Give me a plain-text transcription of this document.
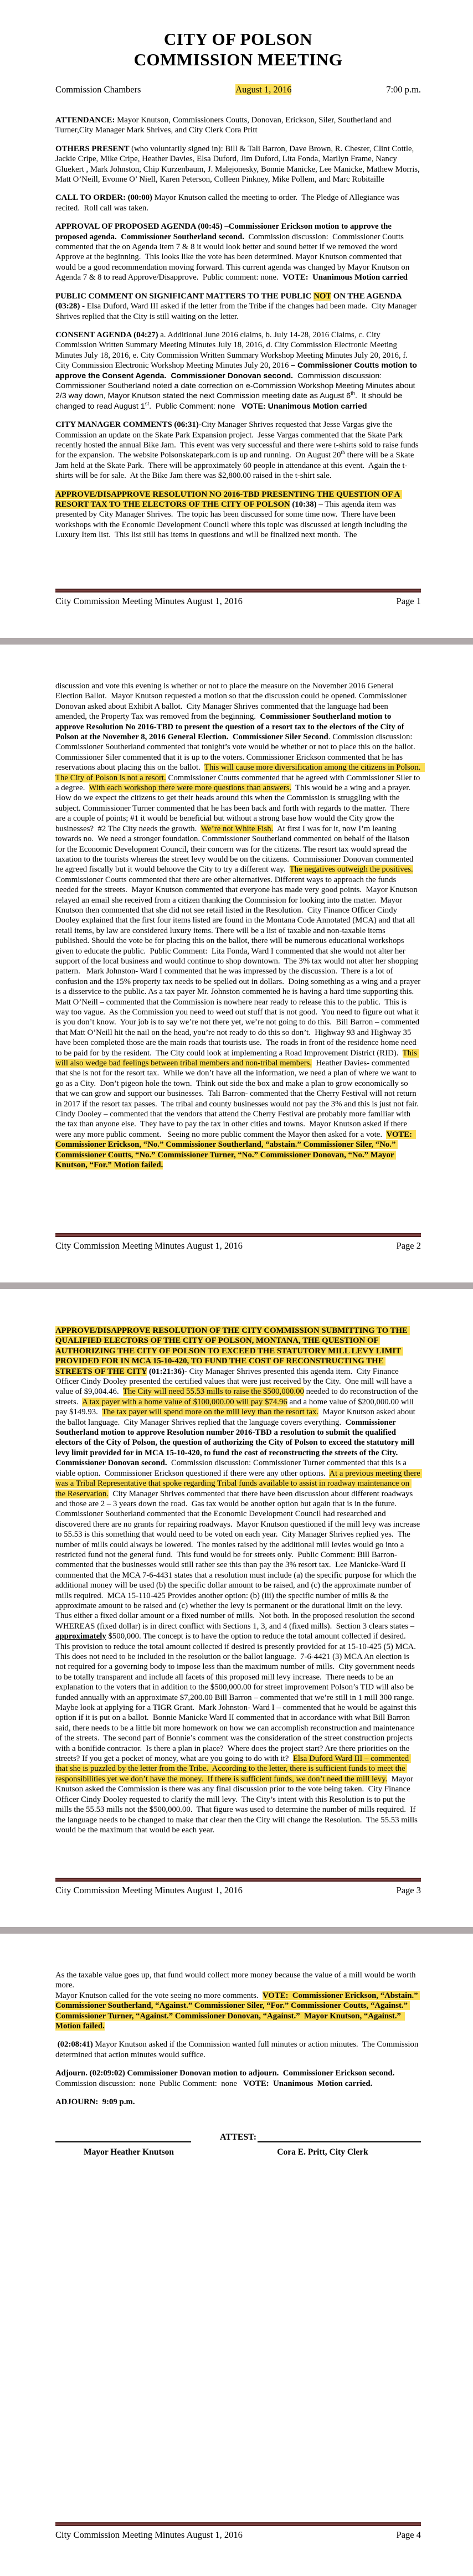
CITY OF POLSON
COMMISSION MEETING
Commission Chambers	August 1, 2016	7:00 p.m.

ATTENDANCE: Mayor Knutson, Commissioners Coutts, Donovan, Erickson, Siler, Southerland and Turner,City Manager Mark Shrives, and City Clerk Cora Pritt

OTHERS PRESENT (who voluntarily signed in): Bill & Tali Barron, Dave Brown, R. Chester, Clint Cottle, Jackie Cripe, Mike Cripe, Heather Davies, Elsa Duford, Jim Duford, Lita Fonda, Marilyn Frame, Nancy Gluekert , Mark Johnston, Chip Kurzenbaum, J. Malejonesky, Bonnie Manicke, Lee Manicke, Mathew Morris, Matt O’Neill, Evonne O’ Niell, Karen Peterson, Colleen Pinkney, Mike Pollem, and Marc Robitaille

CALL TO ORDER: (00:00) Mayor Knutson called the meeting to order.  The Pledge of Allegiance was recited.  Roll call was taken.

APPROVAL OF PROPOSED AGENDA (00:45) –Commissioner Erickson motion to approve the proposed agenda.  Commissioner Southerland second.  Commission discussion:  Commissioner Coutts commented that the on Agenda item 7 & 8 it would look better and sound better if we removed the word Approve at the beginning.  This looks like the vote has been determined. Mayor Knutson commented that would be a good recommendation moving forward. This current agenda was changed by Mayor Knutson on Agenda 7 & 8 to read Approve/Disapprove.  Public comment: none.  VOTE:  Unanimous Motion carried

PUBLIC COMMENT ON SIGNIFICANT MATTERS TO THE PUBLIC NOT ON THE AGENDA (03:28) - Elsa Duford, Ward III asked if the letter from the Tribe if the changes had been made.  City Manager Shrives replied that the City is still waiting on the letter.

CONSENT AGENDA (04:27) a. Additional June 2016 claims, b. July 14-28, 2016 Claims, c. City Commission Written Summary Meeting Minutes July 18, 2016, d. City Commission Electronic Meeting Minutes July 18, 2016, e. City Commission Written Summary Workshop Meeting Minutes July 20, 2016, f. City Commission Electronic Workshop Meeting Minutes July 20, 2016 – Commissioner Coutts motion to approve the Consent Agenda.  Commissioner Donovan second.  Commission discussion:  Commissioner Southerland noted a date correction on e-Commission Workshop Meeting Minutes about 2/3 way down, Mayor Knutson stated the next Commission meeting date as August 6th.  It should be changed to read August 1st.  Public Comment: none   VOTE: Unanimous Motion carried

CITY MANAGER COMMENTS (06:31)-City Manager Shrives requested that Jesse Vargas give the Commission an update on the Skate Park Expansion project.  Jesse Vargas commented that the Skate Park recently hosted the annual Bike Jam.  This event was very successful and there were t-shirts sold to raise funds for the expansion.  The website Polsonskatepark.com is up and running.  On August 20th there will be a Skate Jam held at the Skate Park.  There will be approximately 60 people in attendance at this event.  Again the t-shirts will be for sale.  At the Bike Jam there was $2,800.00 raised in the t-shirt sale.

APPROVE/DISAPPROVE RESOLUTION NO 2016-TBD PRESENTING THE QUESTION OF A RESORT TAX TO THE ELECTORS OF THE CITY OF POLSON (10:38) – This agenda item was presented by City Manager Shrives.  The topic has been discussed for some time now.  There have been workshops with the Economic Development Council where this topic was discussed at length including the Luxury Item list.  This list still has items in questions and will be finalized next month.  The

City Commission Meeting Minutes August 1, 2016	Page 1

discussion and vote this evening is whether or not to place the measure on the November 2016 General Election Ballot.  Mayor Knutson requested a motion so that the discussion could be opened. Commissioner Donovan asked about Exhibit A ballot.  City Manager Shrives commented that the language had been amended, the Property Tax was removed from the beginning.  Commissioner Southerland motion to approve Resolution No 2016-TBD to present the question of a resort tax to the electors of the City of Polson at the November 8, 2016 General Election.  Commissioner Siler Second. Commission discussion:  Commissioner Southerland commented that tonight’s vote would be whether or not to place this on the ballot.  Commissioner Siler commented that it is up to the voters. Commissioner Erickson commented that he has reservations about placing this on the ballot.  This will cause more diversification among the citizens in Polson.  The City of Polson is not a resort. Commissioner Coutts commented that he agreed with Commissioner Siler to a degree.  With each workshop there were more questions than answers.  This would be a wing and a prayer.  How do we expect the citizens to get their heads around this when the Commission is struggling with the subject. Commissioner Turner commented that he has been back and forth with regards to the matter.  There are a couple of points; #1 it would be beneficial but without a strong base how would the City grow the businesses?  #2 The City needs the growth.  We’re not White Fish.  At first I was for it, now I’m leaning towards no.  We need a stronger foundation. Commissioner Southerland commented on behalf of the liaison for the Economic Development Council, their concern was for the citizens. The resort tax would spread the taxation to the tourists whereas the street levy would be on the citizens.  Commissioner Donovan commented he agreed fiscally but it would behoove the City to try a different way.  The negatives outweigh the positives.  Commissioner Coutts commented that there are other alternatives. Different ways to approach the funds needed for the streets.  Mayor Knutson commented that everyone has made very good points.  Mayor Knutson relayed an email she received from a citizen thanking the Commission for looking into the matter.  Mayor Knutson then commented that she did not see retail listed in the Resolution.  City Finance Officer Cindy Dooley explained that the first four items listed are found in the Montana Code Annotated (MCA) and that all retail items, by law are considered luxury items. There will be a list of taxable and non-taxable items published. Should the vote be for placing this on the ballot, there will be numerous educational workshops given to educate the public.  Public Comment:  Lita Fonda, Ward I commented that she would not alter her support of the local business and would continue to shop downtown.  The 3% tax would not alter her shopping pattern.   Mark Johnston- Ward I commented that he was impressed by the discussion.  There is a lot of confusion and the 15% property tax needs to be spelled out in dollars.  Doing something as a wing and a prayer is a disservice to the public. As a tax payer Mr. Johnston commented he is having a hard time supporting this.  Matt O’Neill – commented that the Commission is nowhere near ready to release this to the public.  This is way too vague.  As the Commission you need to weed out stuff that is not good.  You need to figure out what it is you don’t know.  Your job is to say we’re not there yet, we’re not going to do this.  Bill Barron – commented that Matt O’Neill hit the nail on the head, you’re not ready to do this so don’t.  Highway 93 and Highway 35 have been completed those are the main roads that tourists use.  The roads in front of the residence home need to be paid for by the resident.  The City could look at implementing a Road Improvement District (RID).  This will also wedge bad feelings between tribal members and non-tribal members.  Heather Davies- commented that she is not for the resort tax.  While we don’t have all the information, we need a plan of where we want to go as a City.  Don’t pigeon hole the town.  Think out side the box and make a plan to grow economically so that we can grow and support our businesses.  Tali Barron- commented that the Cherry Festival will not return in 2017 if the resort tax passes.  The tribal and county businesses would not pay the 3% and this is just not fair.  Cindy Dooley – commented that the vendors that attend the Cherry Festival are probably more familiar with the tax than anyone else.  They have to pay the tax in other cities and towns.  Mayor Knutson asked if there were any more public comment.   Seeing no more public comment the Mayor then asked for a vote.  VOTE:  Commissioner Erickson, “No.” Commissioner Southerland, “abstain.” Commissioner Siler, “No.” Commissioner Coutts, “No.” Commissioner Turner, “No.” Commissioner Donovan, “No.” Mayor Knutson, “For.” Motion failed.

City Commission Meeting Minutes August 1, 2016	Page 2

APPROVE/DISAPPROVE RESOLUTION OF THE CITY COMMISSION SUBMITTING TO THE QUALIFIED ELECTORS OF THE CITY OF POLSON, MONTANA, THE QUESTION OF AUTHORIZING THE CITY OF POLSON TO EXCEED THE STATUTORY MILL LEVY LIMIT PROVIDED FOR IN MCA 15-10-420, TO FUND THE COST OF RECONSTRUCTING THE STREETS OF THE CITY (01:21:36)- City Manager Shrives presented this agenda item.  City Finance Officer Cindy Dooley presented the certified values that were just received by the City.  One mill will have a value of $9,004.46.  The City will need 55.53 mills to raise the $500,000.00 needed to do reconstruction of the streets.  A tax payer with a home value of $100,000.00 will pay $74.96 and a home value of $200,000.00 will pay $149.93.  The tax payer will spend more on the mill levy than the resort tax.  Mayor Knutson asked about the ballot language.  City Manager Shrives replied that the language covers everything.  Commissioner Southerland motion to approve Resolution number 2016-TBD a resolution to submit the qualified electors of the City of Polson, the question of authorizing the City of Polson to exceed the statutory mill levy limit provided for in MCA 15-10-420, to fund the cost of reconstructing the streets of the City.  Commissioner Donovan second.  Commission discussion: Commissioner Turner commented that this is a viable option.  Commissioner Erickson questioned if there were any other options.  At a previous meeting there was a Tribal Representative that spoke regarding Tribal funds available to assist in roadway maintenance on the Reservation.  City Manager Shrives commented that there have been discussion about different roadways and those are 2 – 3 years down the road.  Gas tax would be another option but again that is in the future.  Commissioner Southerland commented that the Economic Development Council had researched and discovered there are no grants for repairing roadways.  Mayor Knutson questioned if the mill levy was increase to 55.53 is this something that would need to be voted on each year.  City Manager Shrives replied yes.  The number of mills could always be lowered.  The monies raised by the additional mill levies would go into a restricted fund not the general fund.  This fund would be for streets only.  Public Comment: Bill Barron- commented that the businesses would still rather see this than pay the 3% resort tax.  Lee Manicke-Ward II commented that the MCA 7-6-4431 states that a resolution must include (a) the specific purpose for which the additional money will be used (b) the specific dollar amount to be raised, and (c) the approximate number of mills required.  MCA 15-110-425 Provides another option: (b) (iii) the specific number of mills & the approximate amount to be raised and (c) whether the levy is permanent or the durational limit on the levy.  Thus either a fixed dollar amount or a fixed number of mills.  Not both. In the proposed resolution the second WHEREAS (fixed dollar) is in direct conflict with Sections 1, 3, and 4 (fixed mills).  Section 3 clears states – approximately $500,000. The concept is to have the option to reduce the total amount collected if desired.  This provision to reduce the total amount collected if desired is presently provided for at 15-10-425 (5) MCA.  This does not need to be included in the resolution or the ballot language.  7-6-4421 (3) MCA An election is not required for a governing body to impose less than the maximum number of mills.  City government needs to be totally transparent and include all facets of this proposed mill levy increase.  There needs to be an explanation to the voters that in addition to the $500,000.00 for street improvement Polson’s TID will also be funded annually with an approximate $7,200.00 Bill Barron – commented that we’re still in 1 mill 300 range.  Maybe look at applying for a TIGR Grant.  Mark Johnston- Ward I – commented that he would be against this option if it is put on a ballot.  Bonnie Manicke Ward II commented that in accordance with what Bill Barron said, there needs to be a little bit more homework on how we can accomplish reconstruction and maintenance of the streets.  The second part of Bonnie’s comment was the consideration of the street construction projects with a bonifide contractor.  Is there a plan in place?  Where does the project start? Are there priorities on the streets? If you get a pocket of money, what are you going to do with it?  Elsa Duford Ward III – commented that she is puzzled by the letter from the Tribe.  According to the letter, there is sufficient funds to meet the responsibilities yet we don’t have the money.  If there is sufficient funds, we don’t need the mill levy.  Mayor Knutson asked the Commission is there was any final discussion prior to the vote being taken.  City Finance Officer Cindy Dooley requested to clarify the mill levy.  The City’s intent with this Resolution is to put the mills the 55.53 mills not the $500,000.00.  That figure was used to determine the number of mills required.  If the language needs to be changed to make that clear then the City will change the Resolution.  The 55.53 mills would be the maximum that would be each year.

City Commission Meeting Minutes August 1, 2016	Page 3

As the taxable value goes up, that fund would collect more money because the value of a mill would be worth more.

Mayor Knutson called for the vote seeing no more comments.  VOTE:  Commissioner Erickson, “Abstain.” Commissioner Southerland, “Against.” Commissioner Siler, “For.” Commissioner Coutts, “Against.” Commissioner Turner, “Against.” Commissioner Donovan, “Against.”  Mayor Knutson, “Against.”  Motion failed.

(02:08:41) Mayor Knutson asked if the Commission wanted full minutes or action minutes.  The Commission determined that action minutes would suffice.

Adjourn. (02:09:02) Commissioner Donovan motion to adjourn.  Commissioner Erickson second. Commission discussion:  none  Public Comment:  none   VOTE:  Unanimous  Motion carried.

ADJOURN:  9:09 p.m.

ATTEST:
Mayor Heather Knutson	Cora E. Pritt, City Clerk
City Commission Meeting Minutes August 1, 2016	Page 4
